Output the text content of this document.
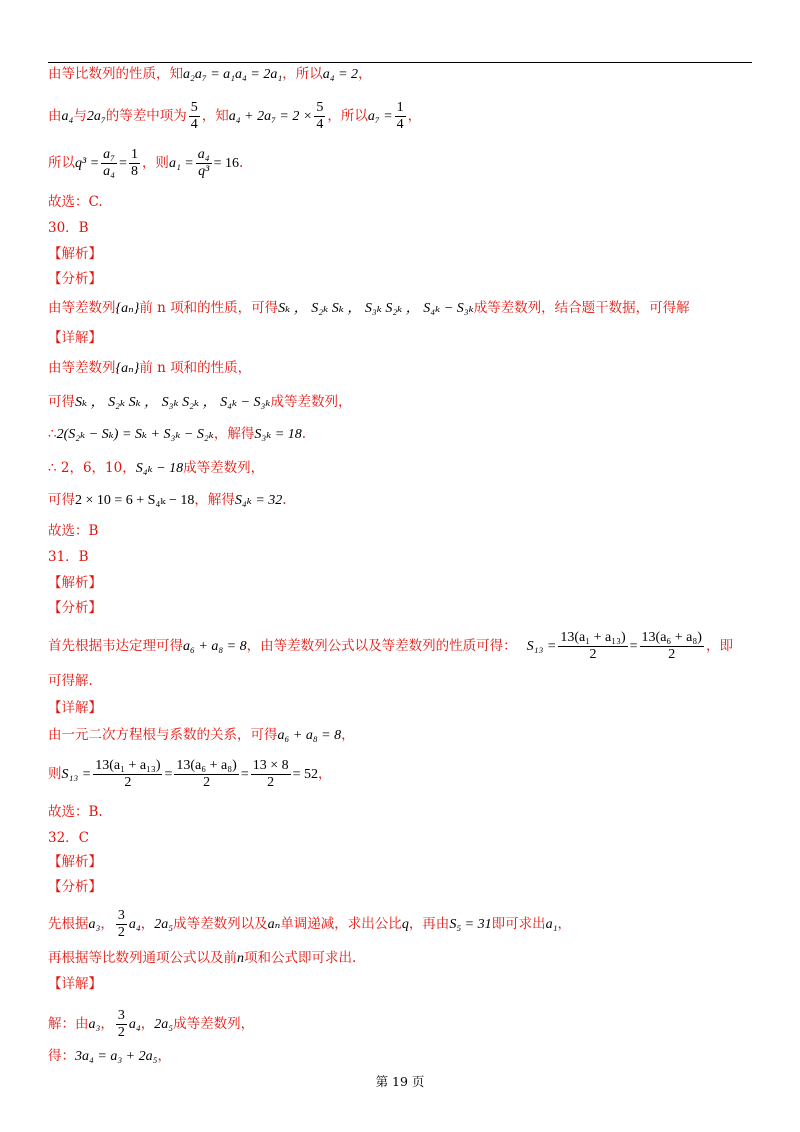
由等比数列的性质，知a₂a₇ = a₁a₄ = 2a₁，所以a₄ = 2，
由a₄与2a₇的等差中项为 $\frac{5}{4}$ ，知$a_4 + 2a_7 = 2 \times \frac{5}{4}$ ，所以$a_7 = \frac{1}{4}$ ，
所以$q^3 = \frac{\text{a₇}}{\text{a₄}} = \frac{1}{8}$ ，则$a_1 = \frac{\text{a₄}}{\text{q³}} = 16$.
故选：C.
30．B
【解析】
【分析】
由等差数列{aₙ}前 n 项和的性质，可得Sₖ ， S₂ₖ Sₖ ， S₃ₖ S₂ₖ ， S₄ₖ − S₃ₖ成等差数列，结合题干数据，可得解
【详解】
由等差数列{aₙ}前 n 项和的性质，
可得Sₖ ， S₂ₖ Sₖ ， S₃ₖ S₂ₖ ， S₄ₖ − S₃ₖ成等差数列，
∴2(S₂ₖ − Sₖ) = Sₖ + S₃ₖ − S₂ₖ，解得S₃ₖ = 18.
∴ 2，6，10，S₄ₖ − 18成等差数列，
可得2 × 10 = 6 + S₄ₖ − 18，解得S₄ₖ = 32.
故选：B
31．B
【解析】
【分析】
首先根据韦达定理可得a₆ + a₈ = 8，由等差数列公式以及等差数列的性质可得： $S_{13} = \frac{\text{13(a₁ + a₁₃)}}{2} = \frac{\text{13(a₆ + a₈)}}{2}$ ，即
可得解.
【详解】
由一元二次方程根与系数的关系，可得a₆ + a₈ = 8，
则$S_{13} = \frac{\text{13(a₁ + a₁₃)}}{2} = \frac{\text{13(a₆ + a₈)}}{2} = \frac{13 \times 8}{2} = 52$，
故选：B.
32．C
【解析】
【分析】
先根据a₃， $\frac{3}{2} a_4$，2a₅成等差数列以及aₙ单调递减，求出公比q，再由S₅ = 31即可求出a₁，
再根据等比数列通项公式以及前n项和公式即可求出.
【详解】
解：由a₃， $\frac{3}{2} a_4$，2a₅成等差数列，
得：3a₄ = a₃ + 2a₅，
第 19 页
